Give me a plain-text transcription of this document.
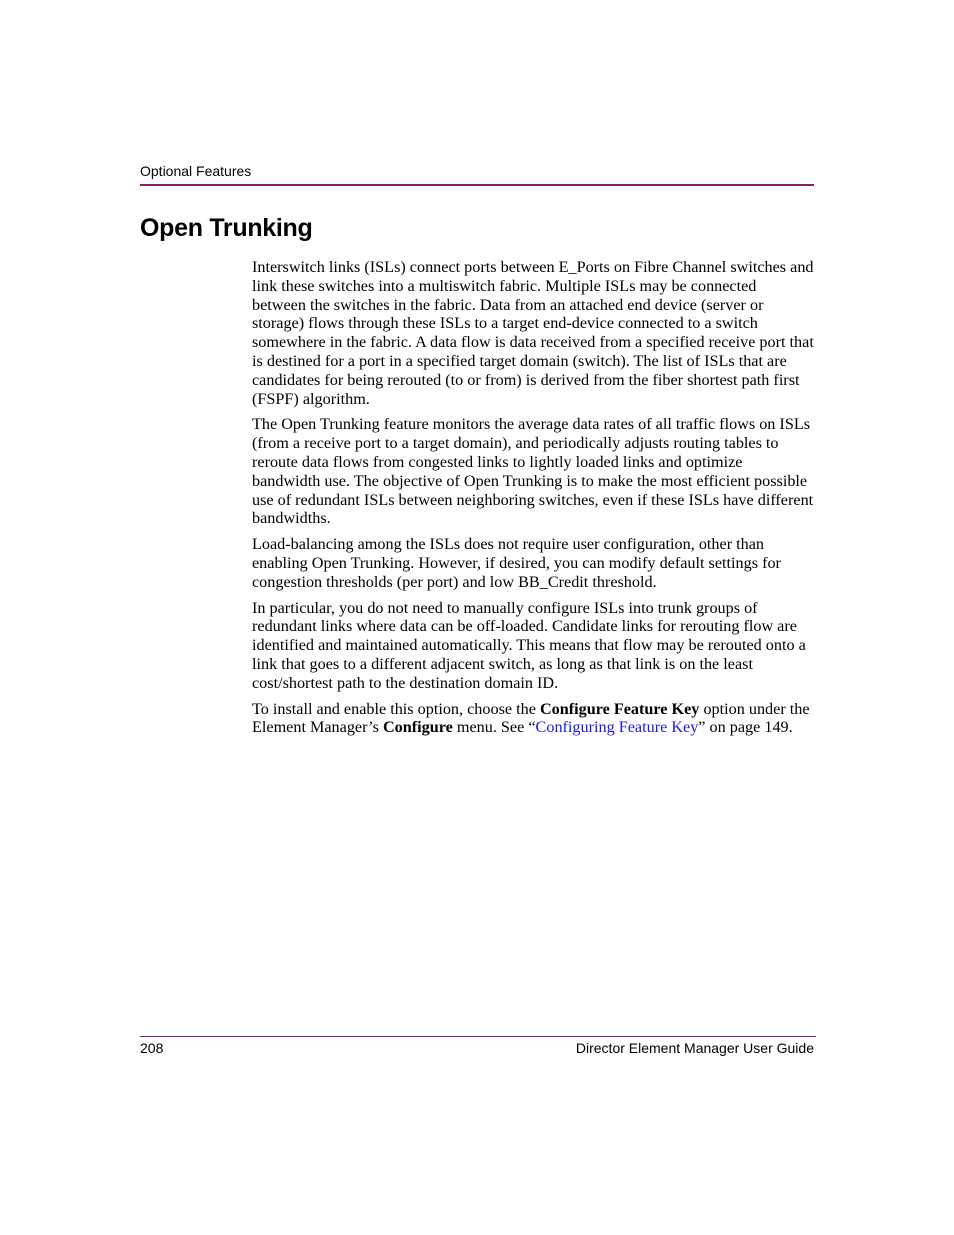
Optional Features
Open Trunking

Interswitch links (ISLs) connect ports between E_Ports on Fibre Channel switches and link these switches into a multiswitch fabric. Multiple ISLs may be connected between the switches in the fabric. Data from an attached end device (server or storage) flows through these ISLs to a target end-device connected to a switch somewhere in the fabric. A data flow is data received from a specified receive port that is destined for a port in a specified target domain (switch). The list of ISLs that are candidates for being rerouted (to or from) is derived from the fiber shortest path first (FSPF) algorithm.

The Open Trunking feature monitors the average data rates of all traffic flows on ISLs (from a receive port to a target domain), and periodically adjusts routing tables to reroute data flows from congested links to lightly loaded links and optimize bandwidth use. The objective of Open Trunking is to make the most efficient possible use of redundant ISLs between neighboring switches, even if these ISLs have different bandwidths.

Load-balancing among the ISLs does not require user configuration, other than enabling Open Trunking. However, if desired, you can modify default settings for congestion thresholds (per port) and low BB_Credit threshold.

In particular, you do not need to manually configure ISLs into trunk groups of redundant links where data can be off-loaded. Candidate links for rerouting flow are identified and maintained automatically. This means that flow may be rerouted onto a link that goes to a different adjacent switch, as long as that link is on the least cost/shortest path to the destination domain ID.

To install and enable this option, choose the Configure Feature Key option under the Element Manager’s Configure menu. See “Configuring Feature Key” on page 149.

208	Director Element Manager User Guide
